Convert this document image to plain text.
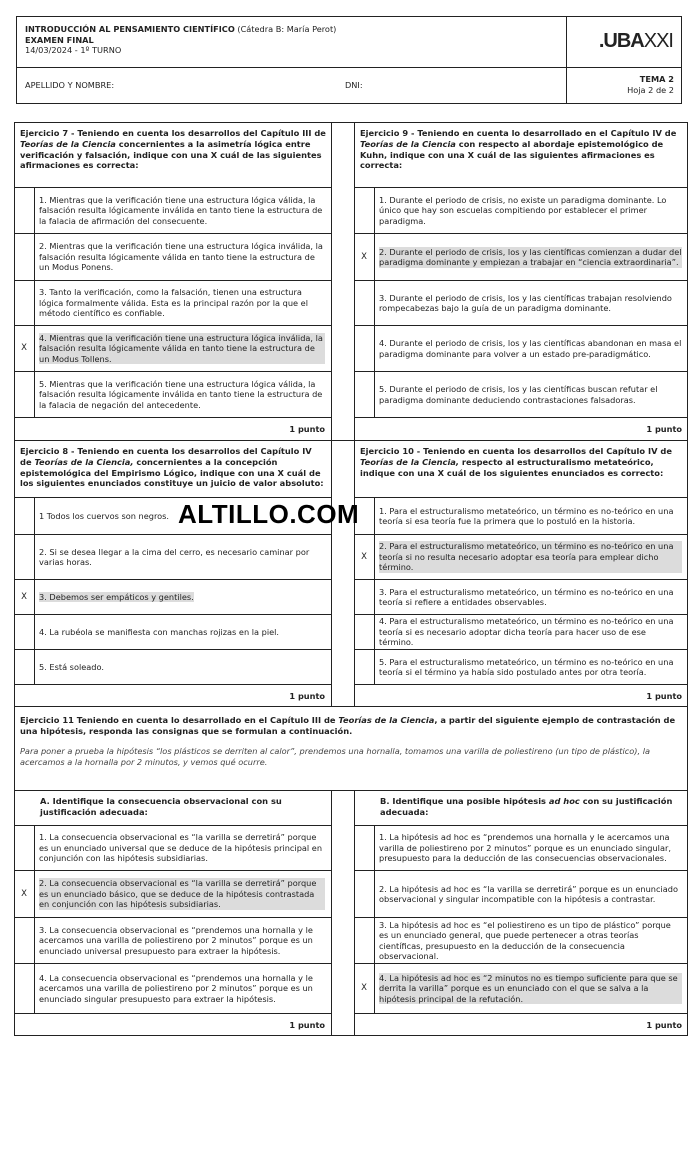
INTRODUCCIÓN AL PENSAMIENTO CIENTÍFICO (Cátedra B: María Perot)
EXAMEN FINAL
14/03/2024 - 1º TURNO	.UBA XXI
APELLIDO Y NOMBRE:	DNI:
TEMA 2
Hoja 2 de 2
Ejercicio 7 - Teniendo en cuenta los desarrollos del Capítulo III de Teorías de la Ciencia concernientes a la asimetría lógica entre verificación y falsación, indique con una X cuál de las siguientes afirmaciones es correcta:
1. Mientras que la verificación tiene una estructura lógica válida, la falsación resulta lógicamente inválida en tanto tiene la estructura de la falacia de afirmación del consecuente.
2. Mientras que la verificación tiene una estructura lógica inválida, la falsación resulta lógicamente válida en tanto tiene la estructura de un Modus Ponens.
3. Tanto la verificación, como la falsación, tienen una estructura lógica formalmente válida. Esta es la principal razón por la que el método científico es confiable.
X
4. Mientras que la verificación tiene una estructura lógica inválida, la falsación resulta lógicamente válida en tanto tiene la estructura de un Modus Tollens.
5. Mientras que la verificación tiene una estructura lógica válida, la falsación resulta lógicamente inválida en tanto tiene la estructura de la falacia de negación del antecedente.
1 punto
Ejercicio 9 - Teniendo en cuenta lo desarrollado en el Capítulo IV de Teorías de la Ciencia con respecto al abordaje epistemológico de Kuhn, indique con una X cuál de las siguientes afirmaciones es correcta:
1. Durante el periodo de crisis, no existe un paradigma dominante. Lo único que hay son escuelas compitiendo por establecer el primer paradigma.
X
2. Durante el periodo de crisis, los y las científicas comienzan a dudar del paradigma dominante y empiezan a trabajar en “ciencia extraordinaria”.
3. Durante el periodo de crisis, los y las científicas trabajan resolviendo rompecabezas bajo la guía de un paradigma dominante.
4. Durante el periodo de crisis, los y las científicas abandonan en masa el paradigma dominante para volver a un estado pre-paradigmático.
5. Durante el periodo de crisis, los y las científicas buscan refutar el paradigma dominante deduciendo contrastaciones falsadoras.
1 punto
Ejercicio 8 - Teniendo en cuenta los desarrollos del Capítulo IV de Teorías de la Ciencia, concernientes a la concepción epistemológica del Empirismo Lógico, indique con una X cuál de los siguientes enunciados constituye un juicio de valor absoluto:
1 Todos los cuervos son negros.
2. Si se desea llegar a la cima del cerro, es necesario caminar por varias horas.
X	3. Debemos ser empáticos y gentiles.
4. La rubéola se manifiesta con manchas rojizas en la piel.
5. Está soleado.
1 punto
Ejercicio 10 - Teniendo en cuenta los desarrollos del Capítulo IV de Teorías de la Ciencia, respecto al estructuralismo metateórico, indique con una X cuál de los siguientes enunciados es correcto:
1. Para el estructuralismo metateórico, un término es no-teórico en una teoría si esa teoría fue la primera que lo postuló en la historia.
X
2. Para el estructuralismo metateórico, un término es no-teórico en una teoría si no resulta necesario adoptar esa teoría para emplear dicho término.
3. Para el estructuralismo metateórico, un término es no-teórico en una teoría si refiere a entidades observables.
4. Para el estructuralismo metateórico, un término es no-teórico en una teoría si es necesario adoptar dicha teoría para hacer uso de ese término.
5. Para el estructuralismo metateórico, un término es no-teórico en una teoría si el término ya había sido postulado antes por otra teoría.
1 punto
ALTILLO.COM
Ejercicio 11 Teniendo en cuenta lo desarrollado en el Capítulo III de Teorías de la Ciencia, a partir del siguiente ejemplo de contrastación de una hipótesis, responda las consignas que se formulan a continuación.
Para poner a prueba la hipótesis “los plásticos se derriten al calor”, prendemos una hornalla, tomamos una varilla de poliestireno (un tipo de plástico), la acercamos a la hornalla por 2 minutos, y vemos qué ocurre.
A. Identifique la consecuencia observacional con su justificación adecuada:
B. Identifique una posible hipótesis ad hoc con su justificación adecuada:
1. La consecuencia observacional es “la varilla se derretirá” porque es un enunciado universal que se deduce de la hipótesis principal en conjunción con las hipótesis subsidiarias.
X
2. La consecuencia observacional es “la varilla se derretirá” porque es un enunciado básico, que se deduce de la hipótesis contrastada en conjunción con las hipótesis subsidiarias.
3. La consecuencia observacional es “prendemos una hornalla y le acercamos una varilla de poliestireno por 2 minutos” porque es un enunciado universal presupuesto para extraer la hipótesis.
4. La consecuencia observacional es “prendemos una hornalla y le acercamos una varilla de poliestireno por 2 minutos” porque es un enunciado singular presupuesto para extraer la hipótesis.
1 punto
1. La hipótesis ad hoc es “prendemos una hornalla y le acercamos una varilla de poliestireno por 2 minutos” porque es un enunciado singular, presupuesto para la deducción de las consecuencias observacionales.
2. La hipótesis ad hoc es “la varilla se derretirá” porque es un enunciado observacional y singular incompatible con la hipótesis a contrastar.
3. La hipótesis ad hoc es “el poliestireno es un tipo de plástico” porque es un enunciado general, que puede pertenecer a otras teorías científicas, presupuesto en la deducción de la consecuencia observacional.
X
4. La hipótesis ad hoc es “2 minutos no es tiempo suficiente para que se derrita la varilla” porque es un enunciado con el que se salva a la hipótesis principal de la refutación.
1 punto
